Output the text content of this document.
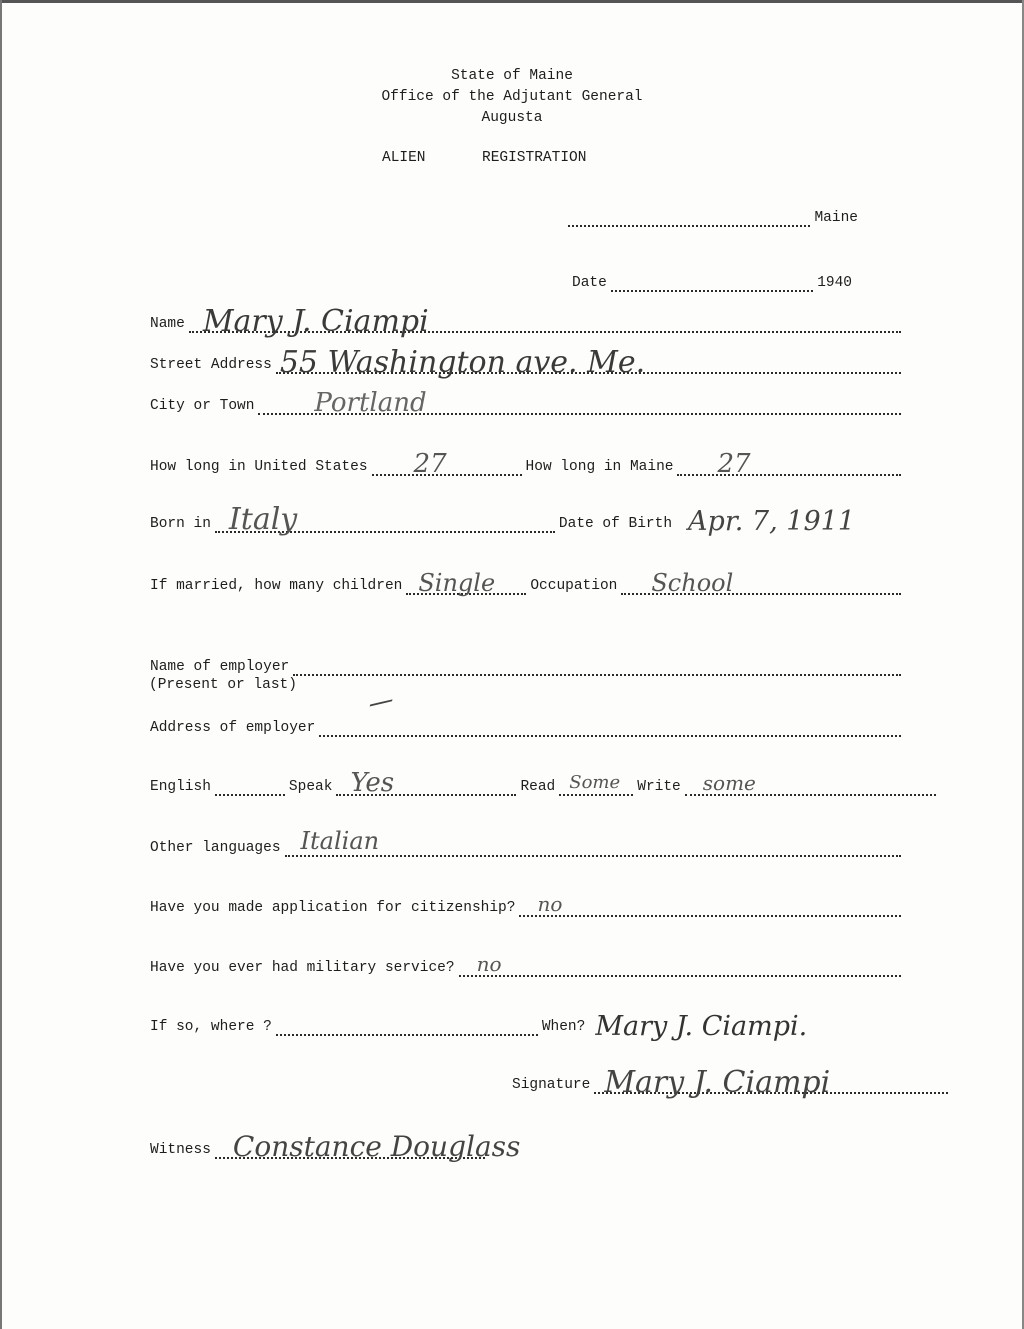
State of Maine
Office of the Adjutant General
Augusta
ALIEN	REGISTRATION
Maine
Date	1940
Name Mary J. Ciampi
Street Address 55 Washington ave. Me.
City or Town Portland
How long in United States 27	How long in Maine 27
Born in Italy	Date of Birth Apr. 7, 1911
If married, how many children Single Occupation School
Name of employer
(Present or last)
Address of employer
English	Speak Yes	Read Some Write some
Other languages Italian
Have you made application for citizenship? no
Have you ever had military service? no
If so, where ?	When? Mary J. Ciampi.
Signature Mary J. Ciampi
Witness Constance Douglass
